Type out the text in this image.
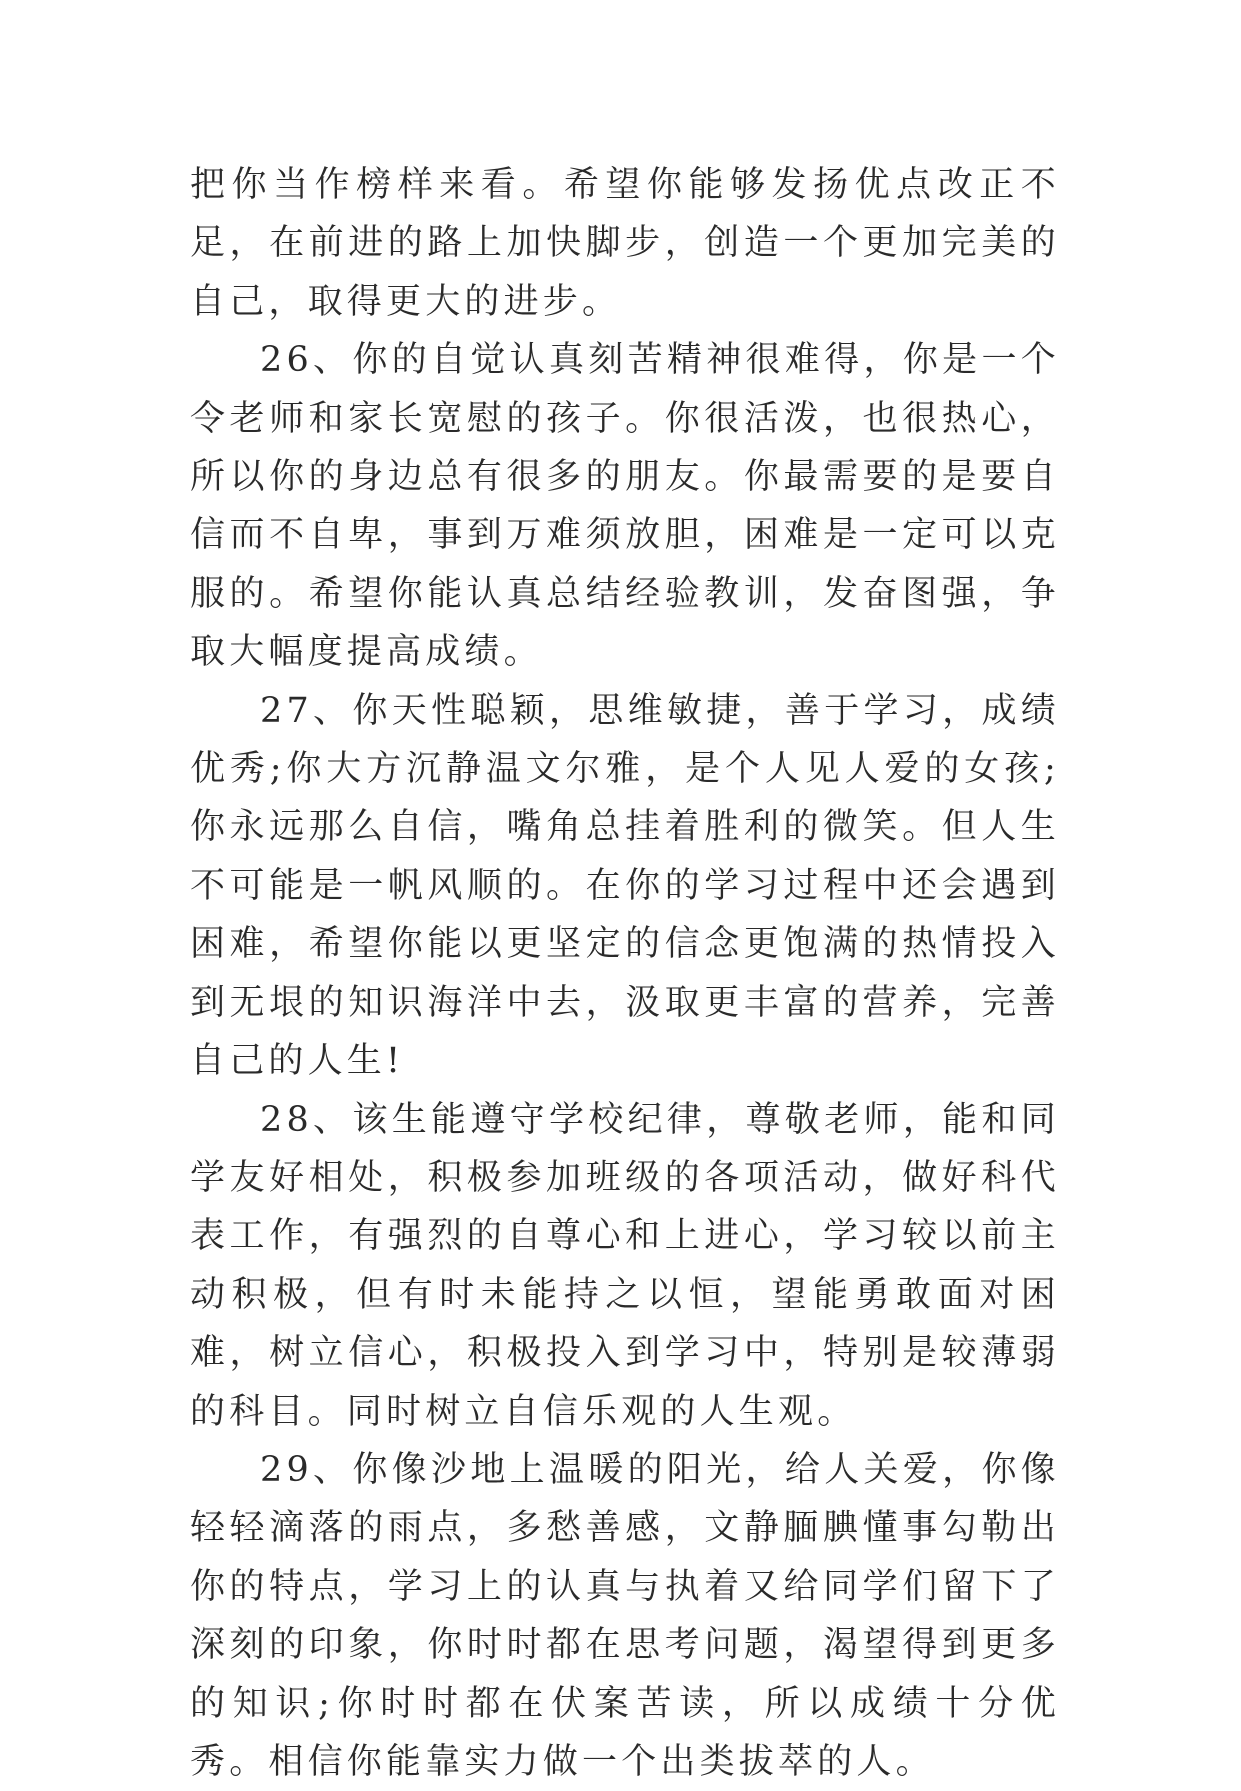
把你当作榜样来看。希望你能够发扬优点改正不足，在前进的路上加快脚步，创造一个更加完美的自己，取得更大的进步。

26、你的自觉认真刻苦精神很难得，你是一个令老师和家长宽慰的孩子。你很活泼，也很热心，所以你的身边总有很多的朋友。你最需要的是要自信而不自卑，事到万难须放胆，困难是一定可以克服的。希望你能认真总结经验教训，发奋图强，争取大幅度提高成绩。

27、你天性聪颖，思维敏捷，善于学习，成绩优秀;你大方沉静温文尔雅，是个人见人爱的女孩;你永远那么自信，嘴角总挂着胜利的微笑。但人生不可能是一帆风顺的。在你的学习过程中还会遇到困难，希望你能以更坚定的信念更饱满的热情投入到无垠的知识海洋中去，汲取更丰富的营养，完善自己的人生!

28、该生能遵守学校纪律，尊敬老师，能和同学友好相处，积极参加班级的各项活动，做好科代表工作，有强烈的自尊心和上进心，学习较以前主动积极，但有时未能持之以恒，望能勇敢面对困难，树立信心，积极投入到学习中，特别是较薄弱的科目。同时树立自信乐观的人生观。

29、你像沙地上温暖的阳光，给人关爱，你像轻轻滴落的雨点，多愁善感，文静腼腆懂事勾勒出你的特点，学习上的认真与执着又给同学们留下了深刻的印象，你时时都在思考问题，渴望得到更多的知识;你时时都在伏案苦读，所以成绩十分优秀。相信你能靠实力做一个出类拔萃的人。
